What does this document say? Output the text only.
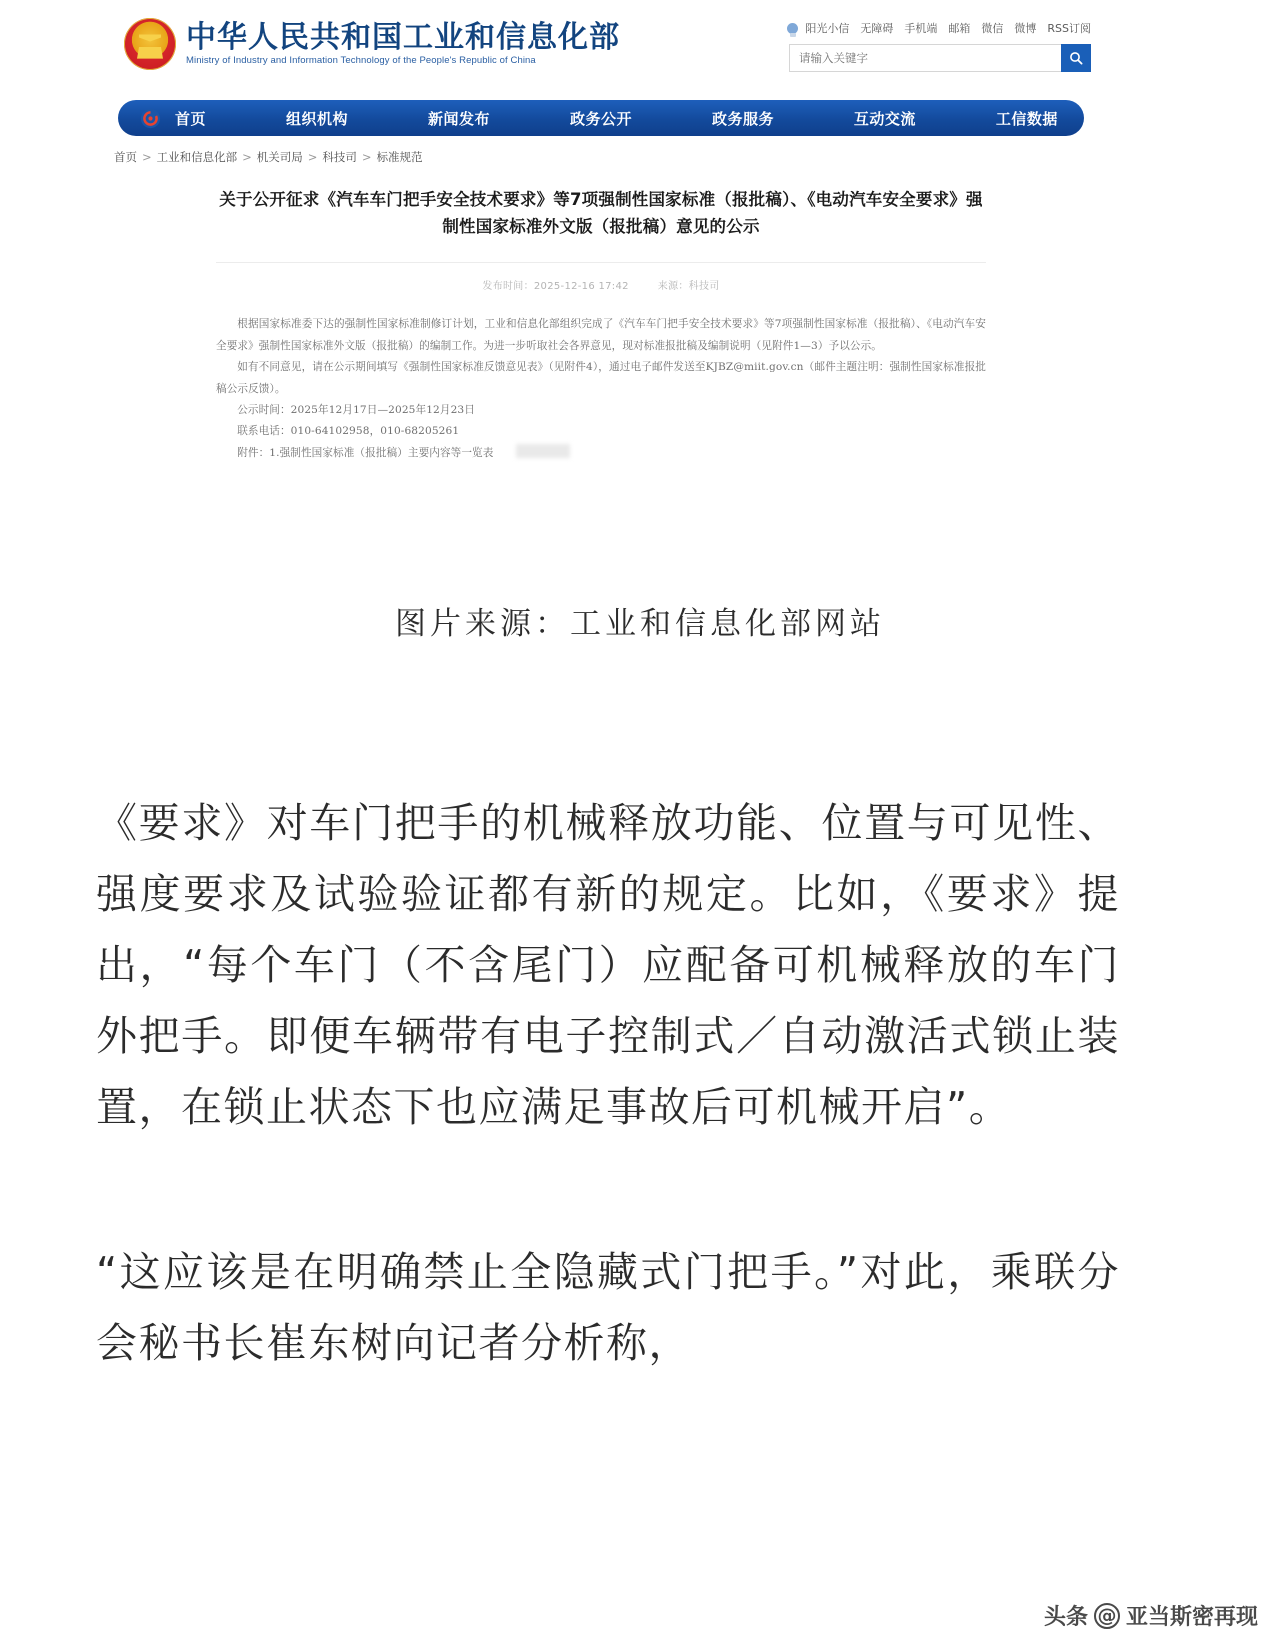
中华人民共和国工业和信息化部
Ministry of Industry and Information Technology of the People's Republic of China
阳光小信 无障碍 手机端 邮箱 微信 微博 RSS订阅
请输入关键字
首页	组织机构	新闻发布	政务公开	政务服务	互动交流	工信数据
首页 > 工业和信息化部 > 机关司局 > 科技司 > 标准规范
关于公开征求《汽车车门把手安全技术要求》等7项强制性国家标准（报批稿）、《电动汽车安全要求》强制性国家标准外文版（报批稿）意见的公示
发布时间：2025-12-16 17:42	来源：科技司

根据国家标准委下达的强制性国家标准制修订计划，工业和信息化部组织完成了《汽车车门把手安全技术要求》等7项强制性国家标准（报批稿）、《电动汽车安全要求》强制性国家标准外文版（报批稿）的编制工作。为进一步听取社会各界意见，现对标准报批稿及编制说明（见附件1—3）予以公示。

如有不同意见，请在公示期间填写《强制性国家标准反馈意见表》（见附件4），通过电子邮件发送至KJBZ@miit.gov.cn（邮件主题注明：强制性国家标准报批稿公示反馈）。

公示时间：2025年12月17日—2025年12月23日

联系电话：010-64102958，010-68205261

附件：1.强制性国家标准（报批稿）主要内容等一览表

图片来源：工业和信息化部网站

《要求》对车门把手的机械释放功能、位置与可见性、强度要求及试验验证都有新的规定。比如，《要求》提出，“每个车门（不含尾门）应配备可机械释放的车门外把手。即便车辆带有电子控制式／自动激活式锁止装置，在锁止状态下也应满足事故后可机械开启”。

“这应该是在明确禁止全隐藏式门把手。”对此，乘联分会秘书长崔东树向记者分析称，

头条 @ 亚当斯密再现
